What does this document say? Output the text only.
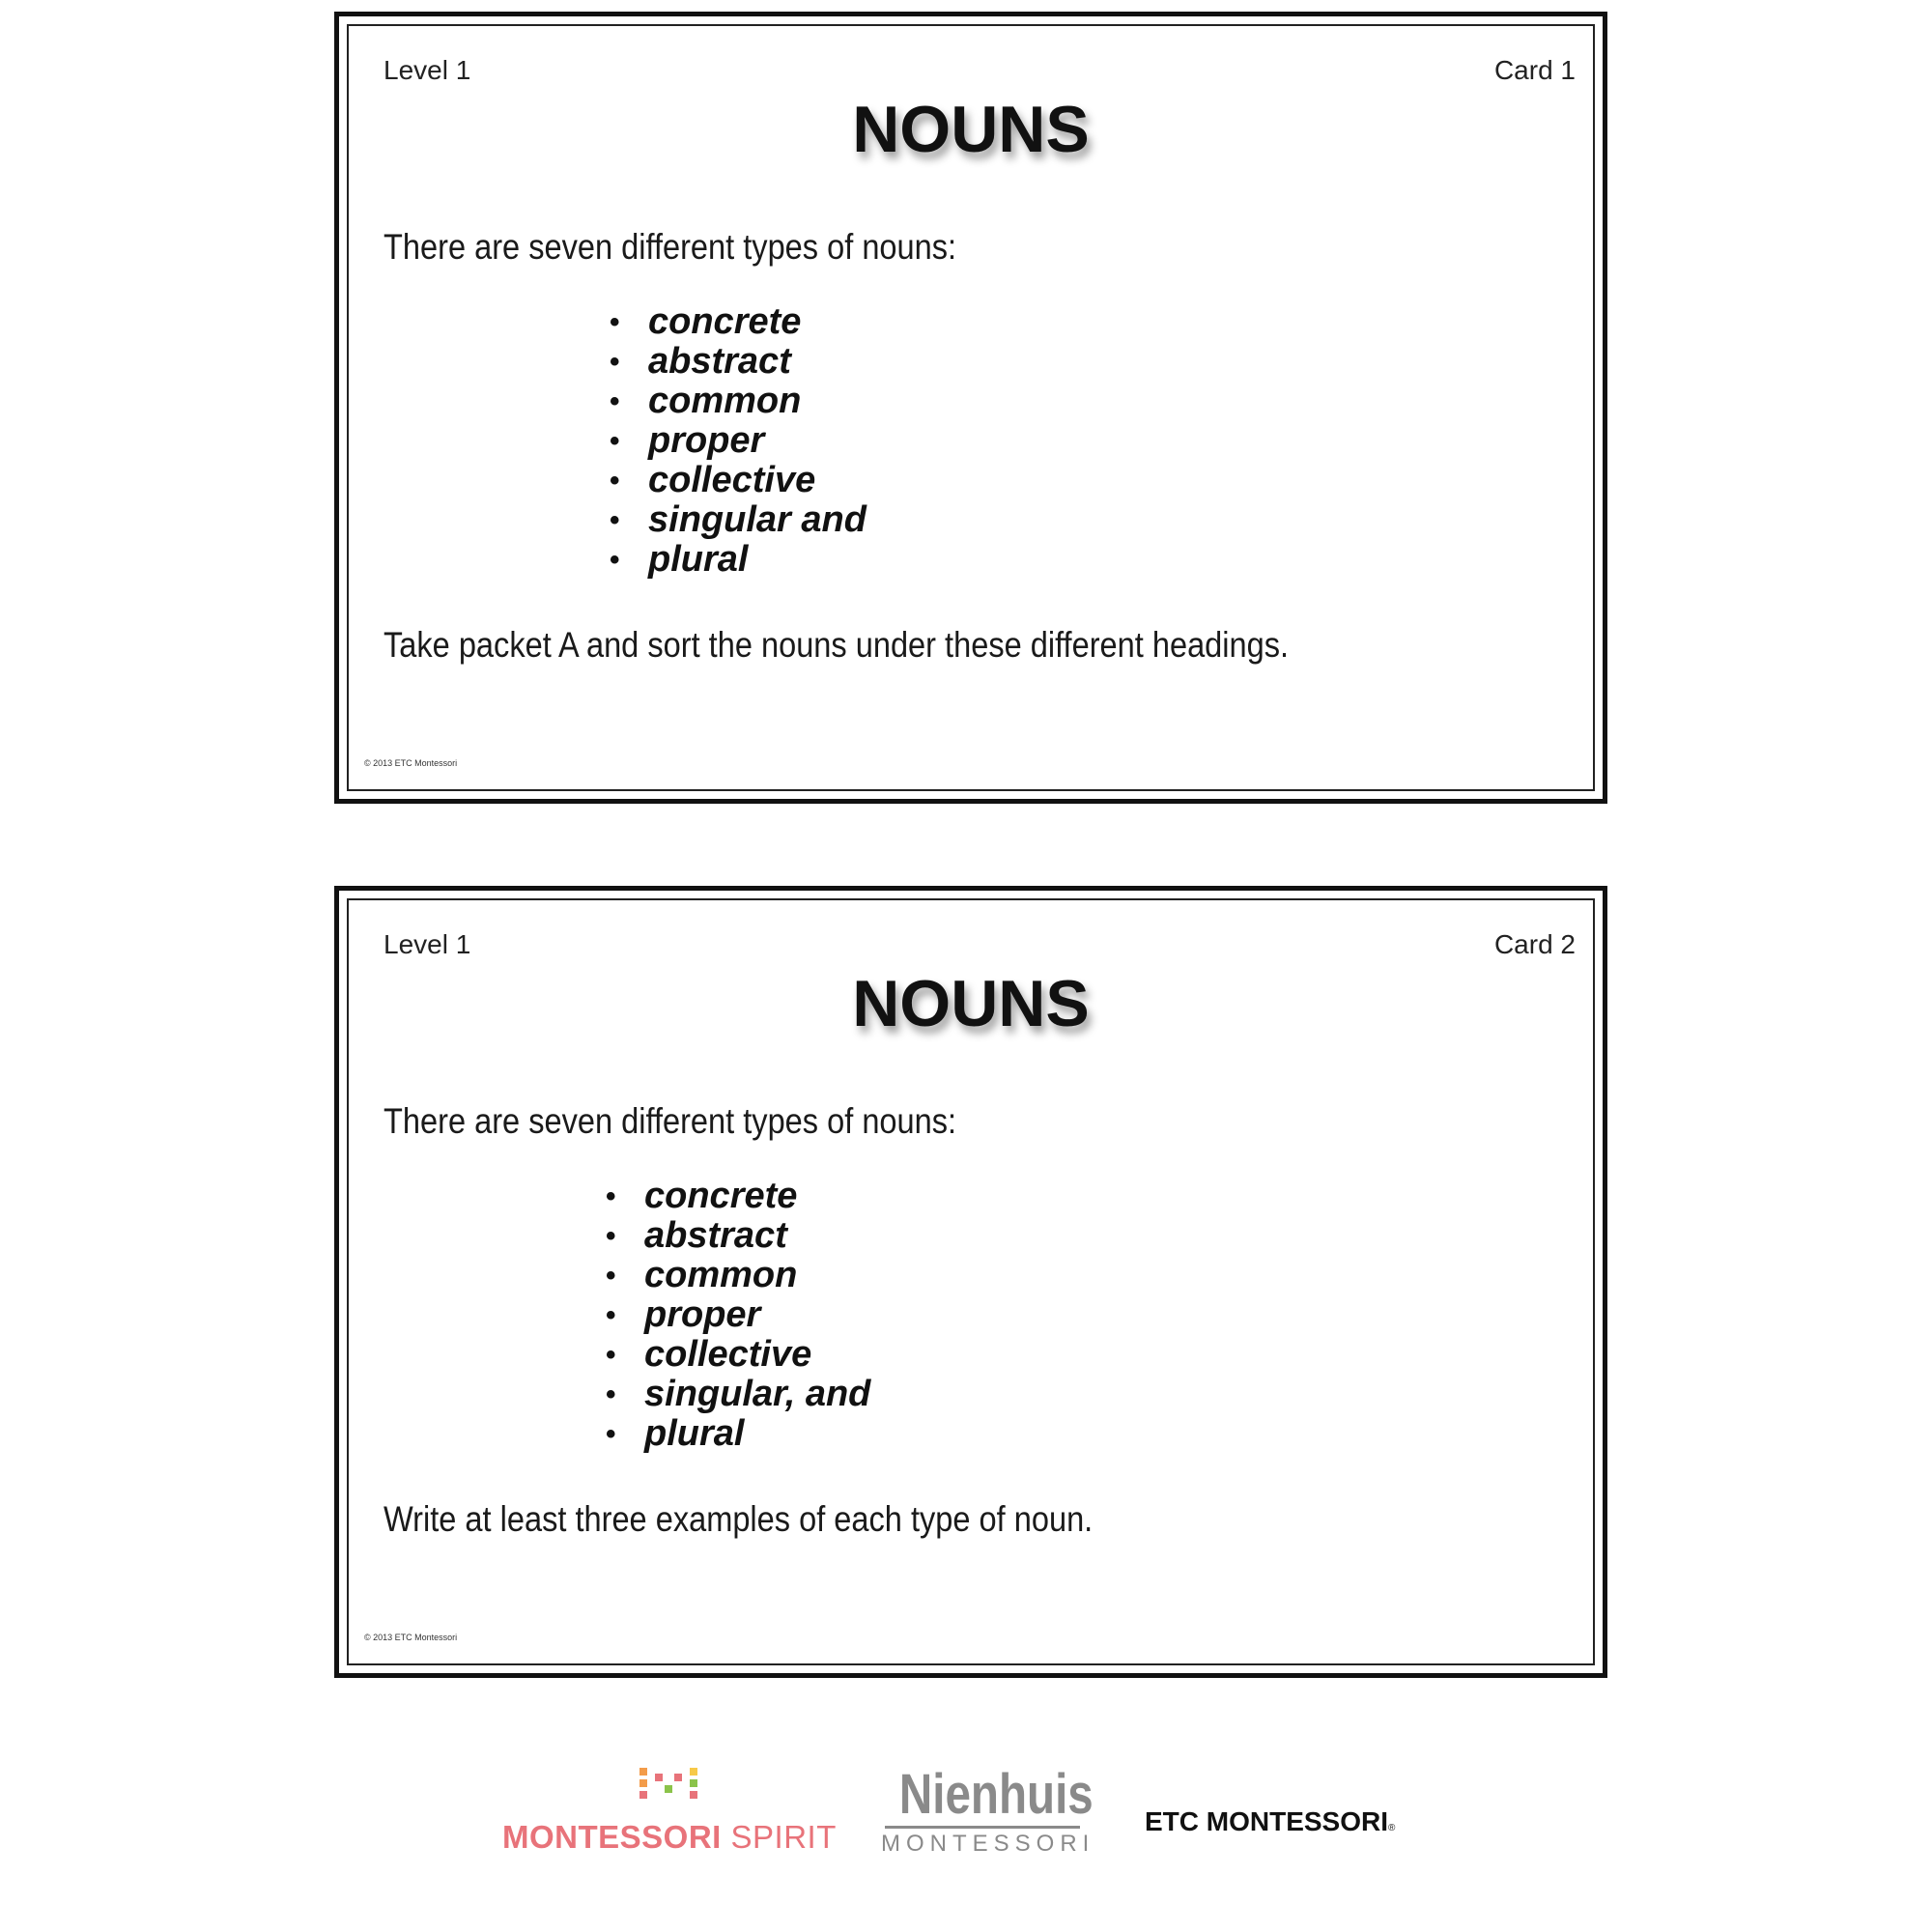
Level 1	Card 1
NOUNS
There are seven different types of nouns:
• concrete
• abstract
• common
• proper
• collective
• singular and
• plural
Take packet A and sort the nouns under these different headings.
© 2013 ETC Montessori
Level 1	Card 2
NOUNS
There are seven different types of nouns:
• concrete
• abstract
• common
• proper
• collective
• singular, and
• plural
Write at least three examples of each type of noun.
© 2013 ETC Montessori
MONTESSORI SPIRIT
Nienhuis
MONTESSORI
ETC MONTESSORI®
